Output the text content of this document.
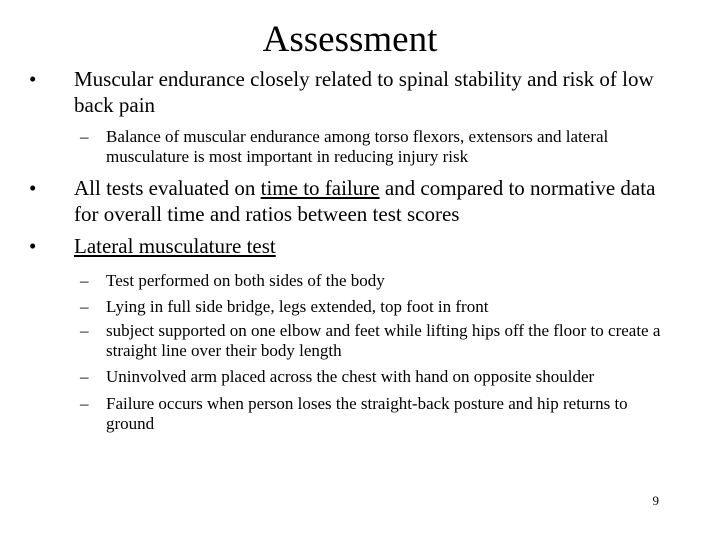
Assessment
•	Muscular endurance closely related to spinal stability and risk of low back pain
– Balance of muscular endurance among torso flexors, extensors and lateral musculature is most important in reducing injury risk
•	All tests evaluated on time to failure and compared to normative data for overall time and ratios between test scores
•	Lateral musculature test
– Test performed on both sides of the body
– Lying in full side bridge, legs extended, top foot in front
– subject supported on one elbow and feet while lifting hips off the floor to create a straight line over their body length
– Uninvolved arm placed across the chest with hand on opposite shoulder
– Failure occurs when person loses the straight-back posture and hip returns to ground
9
